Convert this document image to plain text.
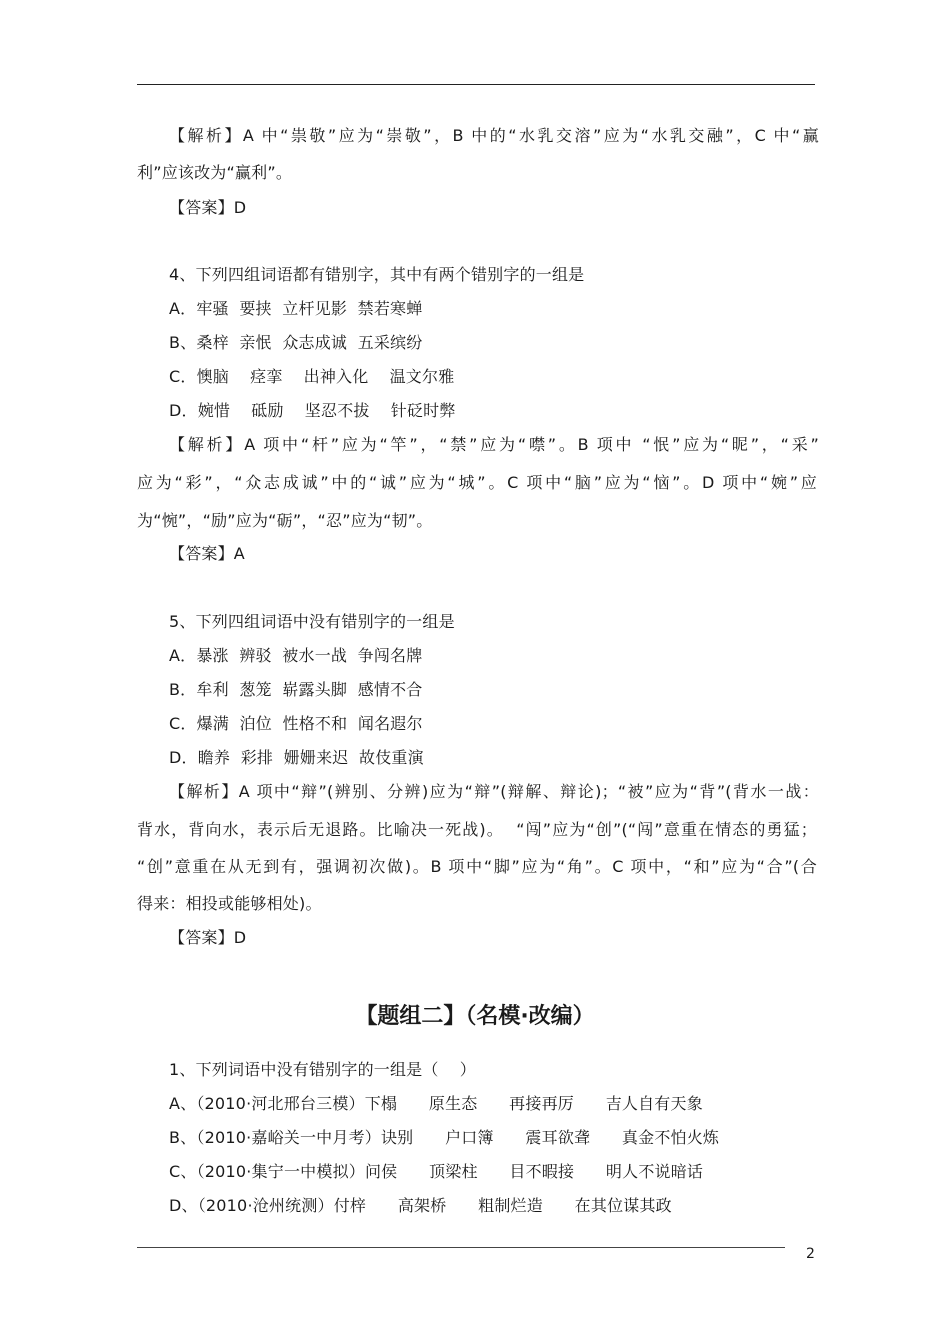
【解析】A 中“祟敬”应为“崇敬”，B 中的“水乳交溶”应为“水乳交融”，C 中“赢
利”应该改为“赢利”。
【答案】D
4、下列四组词语都有错别字，其中有两个错别字的一组是
A．牢骚  要挟  立杆见影  禁若寒蝉
B、桑梓  亲怋  众志成诚  五采缤纷
C．懊脑    痉挛    出神入化    温文尔雅
D．婉惜    砥励    坚忍不拔    针砭时弊
【解析】A 项中“杆”应为“竿”，“禁”应为“噤”。B 项中 “怋”应为“昵”，“采”
应为“彩”，“众志成诚”中的“诚”应为“城”。C 项中“脑”应为“恼”。D 项中“婉”应
为“惋”，“励”应为“砺”，“忍”应为“韧”。
【答案】A
5、下列四组词语中没有错别字的一组是
A．暴涨  辨驳  被水一战  争闯名牌
B．牟利  葱笼  崭露头脚  感情不合
C．爆满  泊位  性格不和  闻名遐尔
D．瞻养  彩排  姗姗来迟  故伎重演
【解析】A 项中“辩”(辨别、分辨)应为“辩”(辩解、辩论)；“被”应为“背”(背水一战：
背水，背向水，表示后无退路。比喻决一死战)。  “闯”应为“创”(“闯”意重在情态的勇猛；
“创”意重在从无到有，强调初次做)。B 项中“脚”应为“角”。C 项中，“和”应为“合”(合
得来：相投或能够相处)。
【答案】D
【题组二】（名模·改编）
1、下列词语中没有错别字的一组是（    ）
A、（2010·河北邢台三模）下榻      原生态      再接再厉      吉人自有天象
B、（2010·嘉峪关一中月考）诀别      户口簿      震耳欲聋      真金不怕火炼
C、（2010·集宁一中模拟）问侯      顶梁柱      目不暇接      明人不说暗话
D、（2010·沧州统测）付梓      高架桥      粗制烂造      在其位谋其政
2
